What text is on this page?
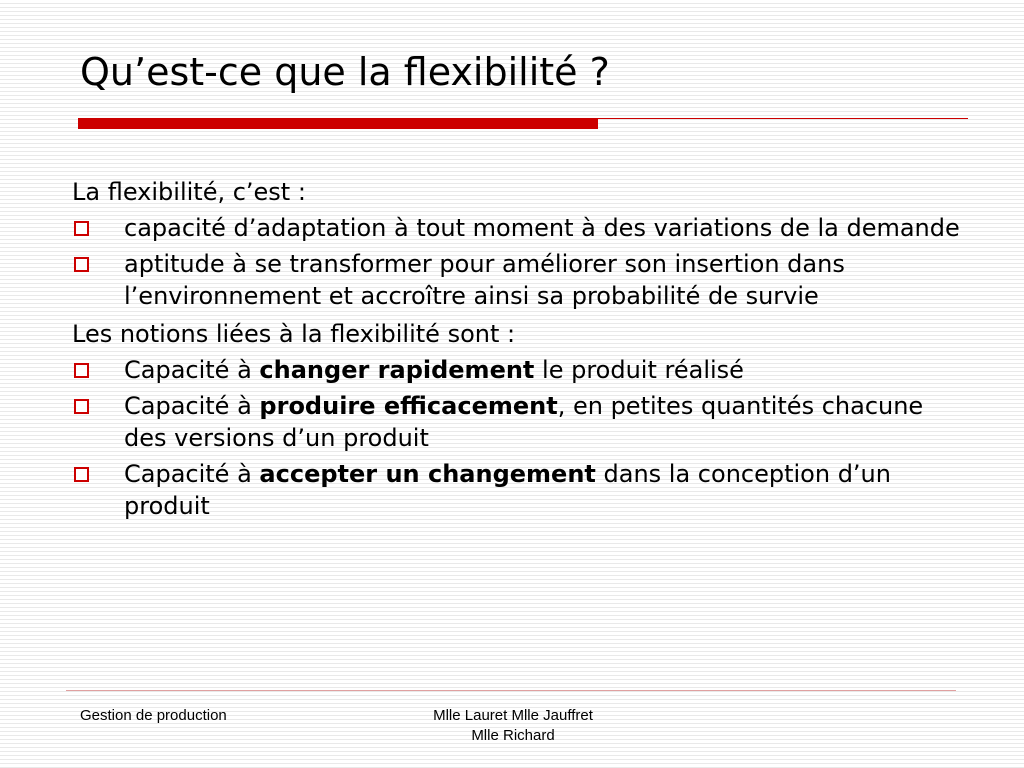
Qu’est-ce que la flexibilité ?

La flexibilité, c’est :

capacité d’adaptation à tout moment à des variations de la demande
aptitude à se transformer pour améliorer son insertion dans l’environnement et accroître ainsi sa probabilité de survie

Les notions liées à la flexibilité sont :

Capacité à changer rapidement le produit réalisé
Capacité à produire efficacement, en petites quantités chacune des versions d’un produit
Capacité à accepter un changement dans la conception d’un produit
Gestion de production	Mlle Lauret Mlle Jauffret
Mlle Richard
